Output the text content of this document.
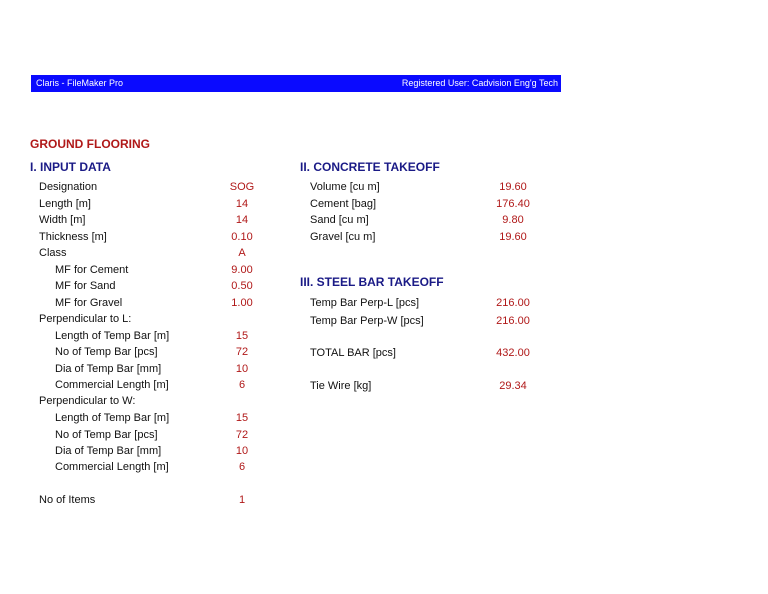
Claris - FileMaker Pro	Registered User: Cadvision Eng'g Tech
GROUND FLOORING
I. INPUT DATA
Designation	SOG
Length [m]	14
Width [m]	14
Thickness [m]	0.10
Class	A
MF for Cement	9.00
MF for Sand	0.50
MF for Gravel	1.00
Perpendicular to L:
Length of Temp Bar [m]	15
No of Temp Bar [pcs]	72
Dia of Temp Bar [mm]	10
Commercial Length [m]	6
Perpendicular to W:
Length of Temp Bar [m]	15
No of Temp Bar [pcs]	72
Dia of Temp Bar [mm]	10
Commercial Length [m]	6
No of Items	1
II. CONCRETE TAKEOFF
Volume [cu m]	19.60
Cement [bag]	176.40
Sand [cu m]	9.80
Gravel [cu m]	19.60
III. STEEL BAR TAKEOFF
Temp Bar Perp-L [pcs]	216.00
Temp Bar Perp-W [pcs]	216.00
TOTAL BAR [pcs]	432.00
Tie Wire [kg]	29.34
